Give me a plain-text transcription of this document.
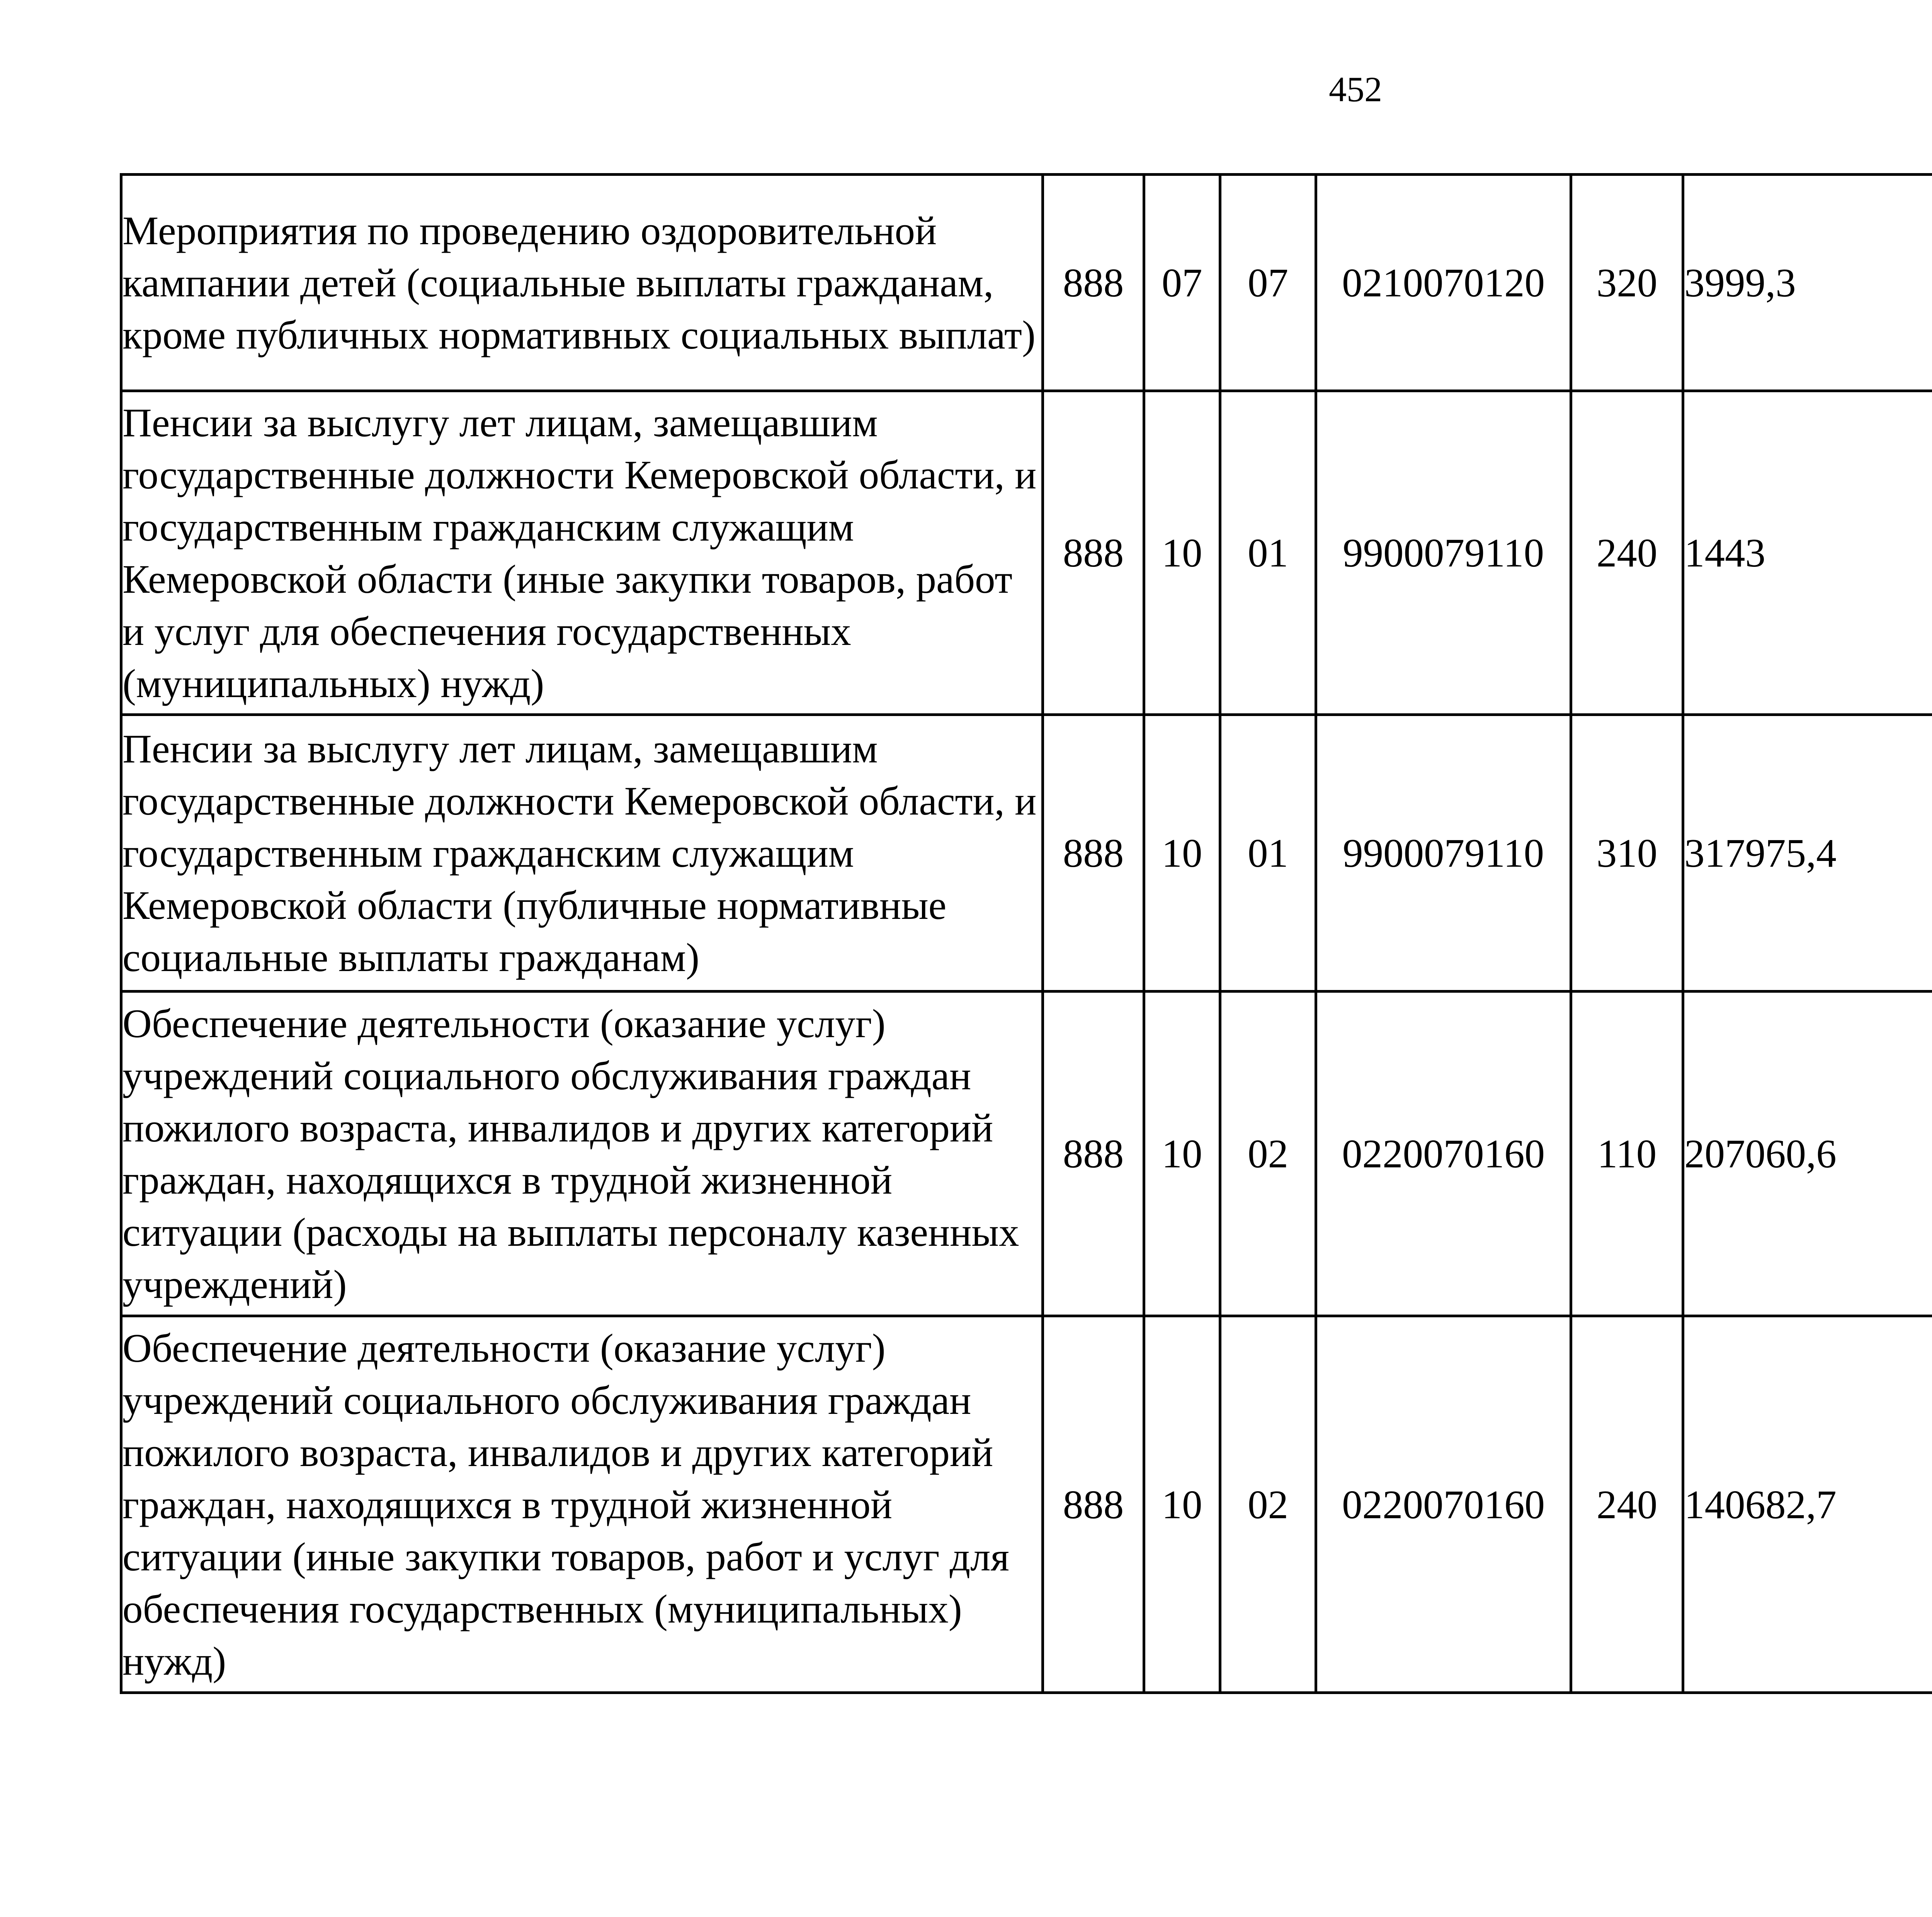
452
Мероприятия по проведению оздоровительной кампании детей (социальные выплаты гражданам, кроме публичных нормативных социальных выплат)	888	07	07	0210070120	320	3999,3		
Пенсии за выслугу лет лицам, замещавшим государственные должности Кемеровской области, и государственным гражданским служащим Кемеровской области (иные закупки товаров, работ и услуг для обеспечения государственных (муниципальных) нужд)	888	10	01	9900079110	240	1443		
Пенсии за выслугу лет лицам, замещавшим государственные должности Кемеровской области, и государственным гражданским служащим Кемеровской области (публичные нормативные социальные выплаты гражданам)	888	10	01	9900079110	310	317975,4		
Обеспечение деятельности (оказание услуг) учреждений социального обслуживания граждан пожилого возраста, инвалидов и других категорий граждан, находящихся в трудной жизненной ситуации (расходы на выплаты персоналу казенных учреждений)	888	10	02	0220070160	110	207060,6		
Обеспечение деятельности (оказание услуг) учреждений социального обслуживания граждан пожилого возраста, инвалидов и других категорий граждан, находящихся в трудной жизненной ситуации (иные закупки товаров, работ и услуг для обеспечения государственных (муниципальных) нужд)	888	10	02	0220070160	240	140682,7		
